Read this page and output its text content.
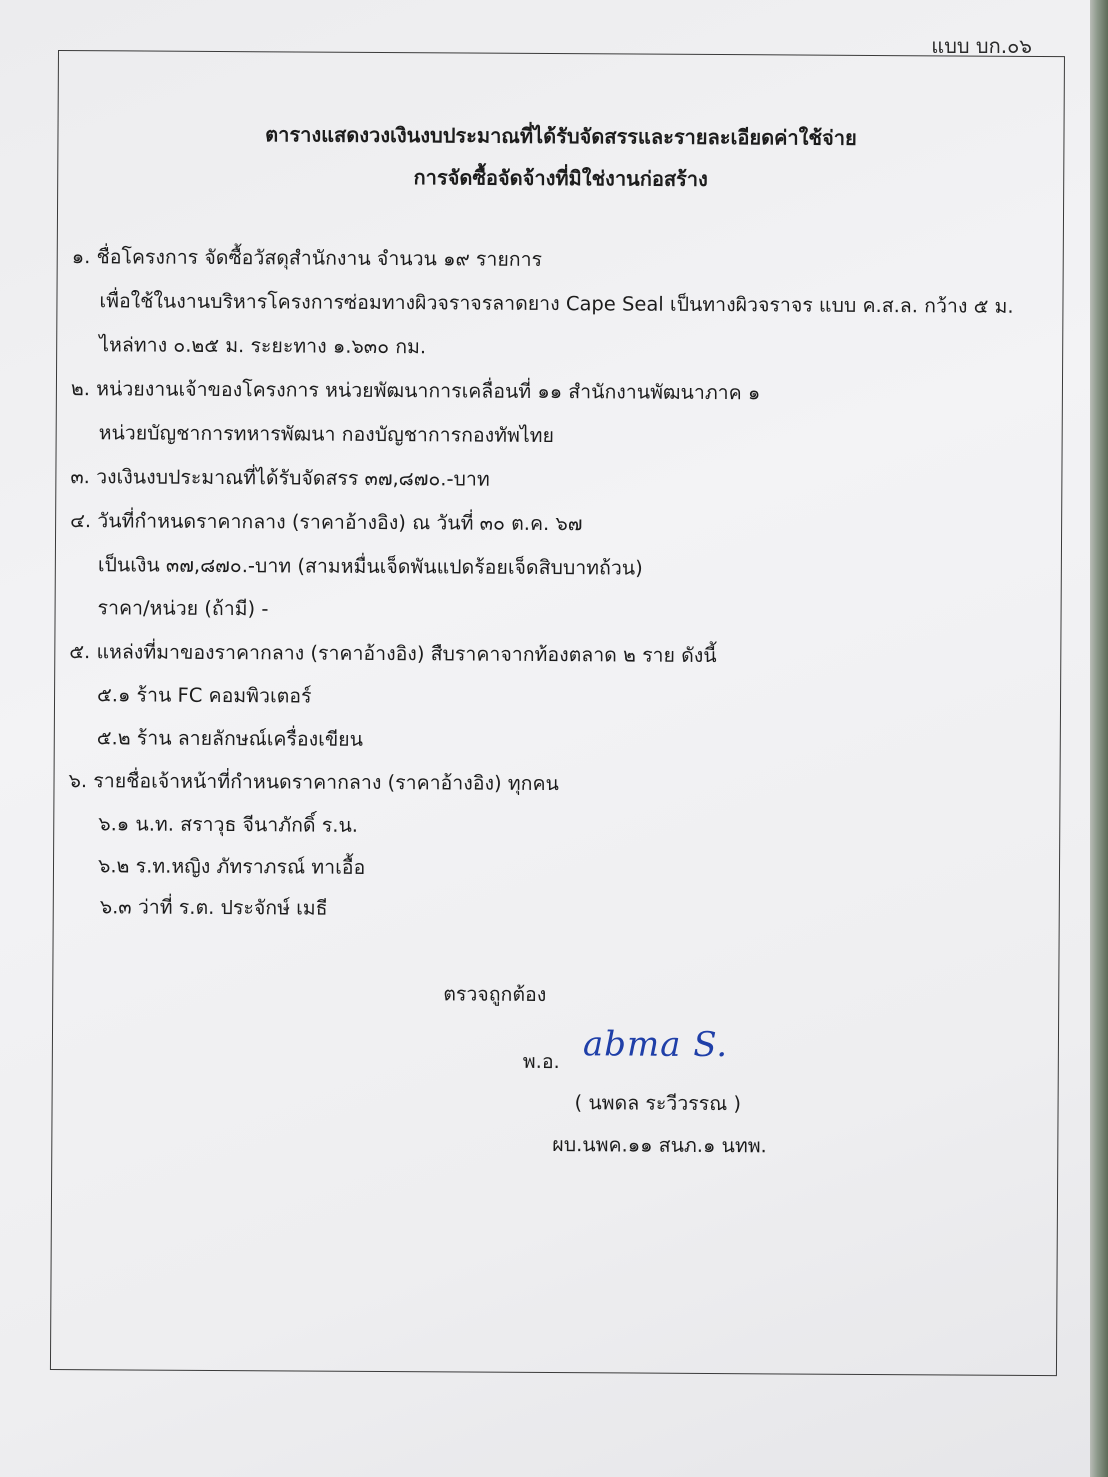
แบบ บก.๐๖
ตารางแสดงวงเงินงบประมาณที่ได้รับจัดสรรและรายละเอียดค่าใช้จ่าย
การจัดซื้อจัดจ้างที่มิใช่งานก่อสร้าง
๑. ชื่อโครงการ จัดซื้อวัสดุสำนักงาน จำนวน ๑๙ รายการ
เพื่อใช้ในงานบริหารโครงการซ่อมทางผิวจราจรลาดยาง Cape Seal เป็นทางผิวจราจร แบบ ค.ส.ล. กว้าง ๕ ม.
ไหล่ทาง ๐.๒๕ ม. ระยะทาง ๑.๖๓๐ กม.
๒. หน่วยงานเจ้าของโครงการ หน่วยพัฒนาการเคลื่อนที่ ๑๑ สำนักงานพัฒนาภาค ๑
หน่วยบัญชาการทหารพัฒนา กองบัญชาการกองทัพไทย
๓. วงเงินงบประมาณที่ได้รับจัดสรร ๓๗,๘๗๐.-บาท
๔. วันที่กำหนดราคากลาง (ราคาอ้างอิง) ณ วันที่ ๓๐ ต.ค. ๖๗
เป็นเงิน ๓๗,๘๗๐.-บาท (สามหมื่นเจ็ดพันแปดร้อยเจ็ดสิบบาทถ้วน)
ราคา/หน่วย (ถ้ามี) -
๕. แหล่งที่มาของราคากลาง (ราคาอ้างอิง) สืบราคาจากท้องตลาด ๒ ราย ดังนี้
๕.๑ ร้าน FC คอมพิวเตอร์
๕.๒ ร้าน ลายลักษณ์เครื่องเขียน
๖. รายชื่อเจ้าหน้าที่กำหนดราคากลาง (ราคาอ้างอิง) ทุกคน
๖.๑ น.ท. สราวุธ จีนาภักดิ์ ร.น.
๖.๒ ร.ท.หญิง ภัทราภรณ์ ทาเอื้อ
๖.๓ ว่าที่ ร.ต. ประจักษ์ เมธี
ตรวจถูกต้อง
พ.อ. abma S.
( นพดล ระวีวรรณ )
ผบ.นพค.๑๑ สนภ.๑ นทพ.
